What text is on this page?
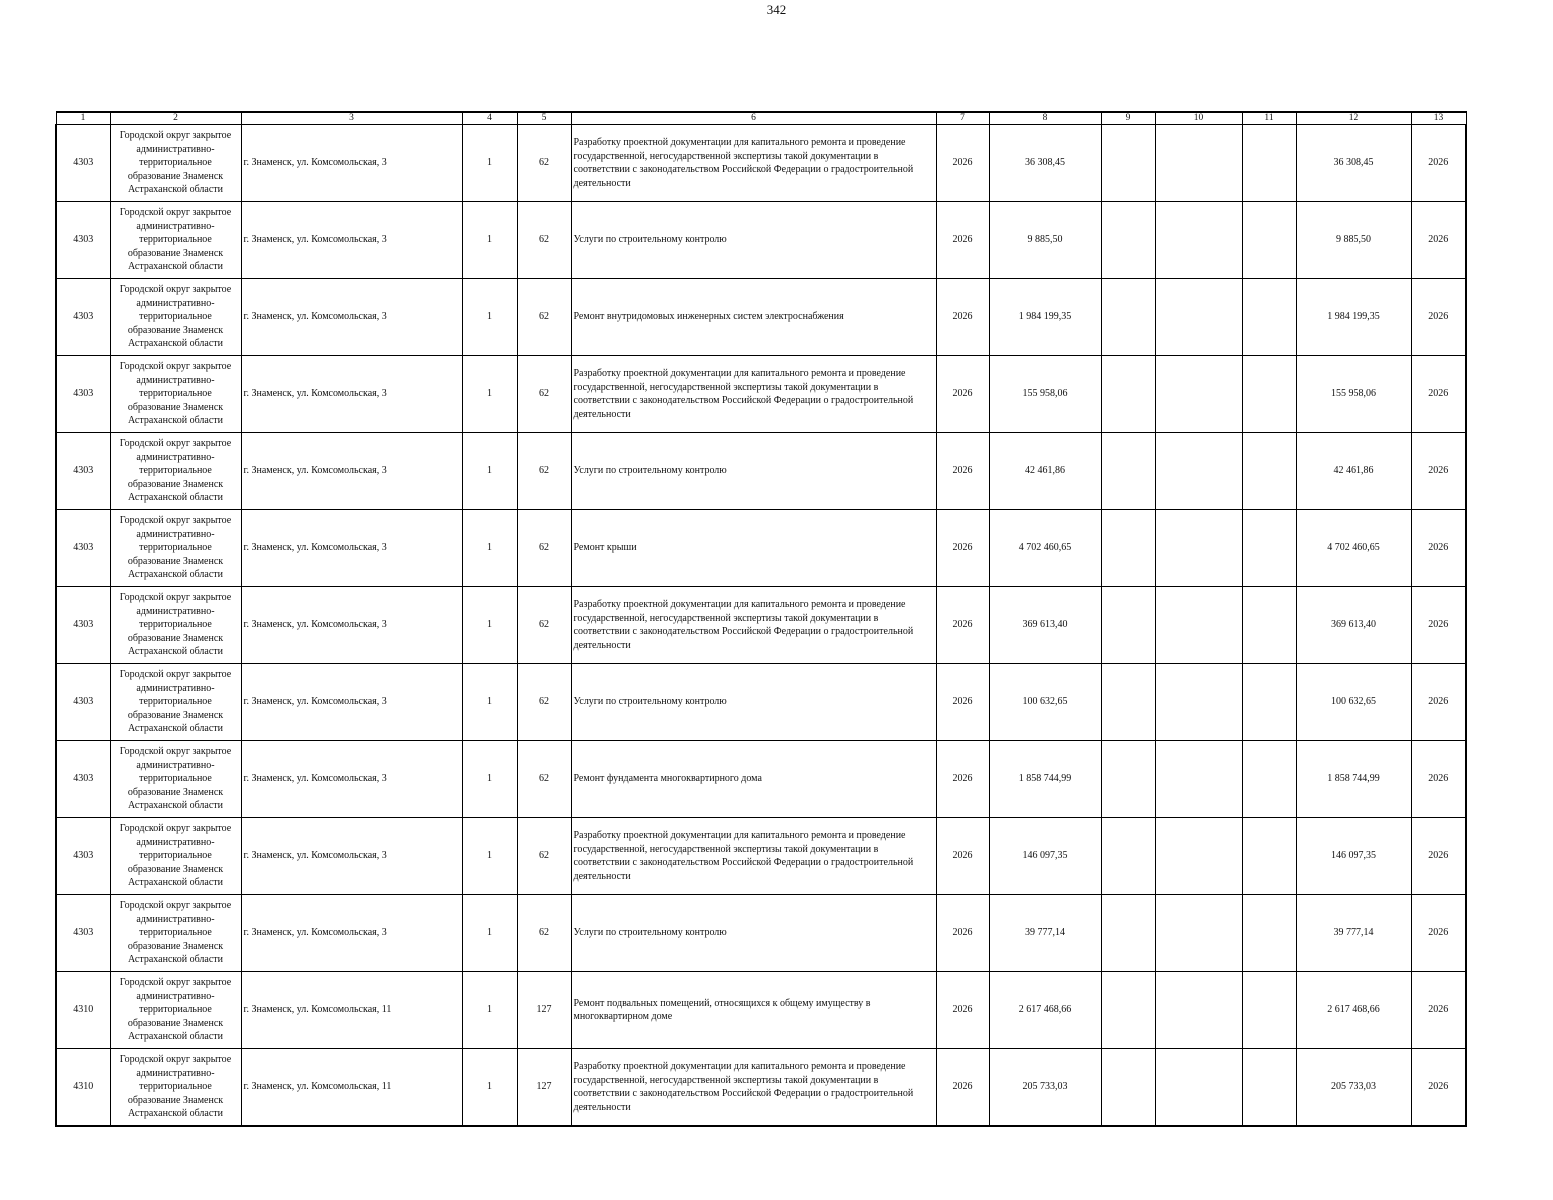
342
1	2	3	4	5	6	7	8	9	10	11	12	13
4303	Городской округ закрытое административно-территориальное образование Знаменск Астраханской области	г. Знаменск, ул. Комсомольская, 3	1	62	Разработку проектной документации для капитального ремонта и проведение государственной, негосударственной экспертизы такой документации в соответствии с законодательством Российской Федерации о градостроительной деятельности	2026	36 308,45				36 308,45	2026
4303	Городской округ закрытое административно-территориальное образование Знаменск Астраханской области	г. Знаменск, ул. Комсомольская, 3	1	62	Услуги по строительному контролю	2026	9 885,50				9 885,50	2026
4303	Городской округ закрытое административно-территориальное образование Знаменск Астраханской области	г. Знаменск, ул. Комсомольская, 3	1	62	Ремонт внутридомовых инженерных систем электроснабжения	2026	1 984 199,35				1 984 199,35	2026
4303	Городской округ закрытое административно-территориальное образование Знаменск Астраханской области	г. Знаменск, ул. Комсомольская, 3	1	62	Разработку проектной документации для капитального ремонта и проведение государственной, негосударственной экспертизы такой документации в соответствии с законодательством Российской Федерации о градостроительной деятельности	2026	155 958,06				155 958,06	2026
4303	Городской округ закрытое административно-территориальное образование Знаменск Астраханской области	г. Знаменск, ул. Комсомольская, 3	1	62	Услуги по строительному контролю	2026	42 461,86				42 461,86	2026
4303	Городской округ закрытое административно-территориальное образование Знаменск Астраханской области	г. Знаменск, ул. Комсомольская, 3	1	62	Ремонт крыши	2026	4 702 460,65				4 702 460,65	2026
4303	Городской округ закрытое административно-территориальное образование Знаменск Астраханской области	г. Знаменск, ул. Комсомольская, 3	1	62	Разработку проектной документации для капитального ремонта и проведение государственной, негосударственной экспертизы такой документации в соответствии с законодательством Российской Федерации о градостроительной деятельности	2026	369 613,40				369 613,40	2026
4303	Городской округ закрытое административно-территориальное образование Знаменск Астраханской области	г. Знаменск, ул. Комсомольская, 3	1	62	Услуги по строительному контролю	2026	100 632,65				100 632,65	2026
4303	Городской округ закрытое административно-территориальное образование Знаменск Астраханской области	г. Знаменск, ул. Комсомольская, 3	1	62	Ремонт фундамента многоквартирного дома	2026	1 858 744,99				1 858 744,99	2026
4303	Городской округ закрытое административно-территориальное образование Знаменск Астраханской области	г. Знаменск, ул. Комсомольская, 3	1	62	Разработку проектной документации для капитального ремонта и проведение государственной, негосударственной экспертизы такой документации в соответствии с законодательством Российской Федерации о градостроительной деятельности	2026	146 097,35				146 097,35	2026
4303	Городской округ закрытое административно-территориальное образование Знаменск Астраханской области	г. Знаменск, ул. Комсомольская, 3	1	62	Услуги по строительному контролю	2026	39 777,14				39 777,14	2026
4310	Городской округ закрытое административно-территориальное образование Знаменск Астраханской области	г. Знаменск, ул. Комсомольская, 11	1	127	Ремонт подвальных помещений, относящихся к общему имуществу в многоквартирном доме	2026	2 617 468,66				2 617 468,66	2026
4310	Городской округ закрытое административно-территориальное образование Знаменск Астраханской области	г. Знаменск, ул. Комсомольская, 11	1	127	Разработку проектной документации для капитального ремонта и проведение государственной, негосударственной экспертизы такой документации в соответствии с законодательством Российской Федерации о градостроительной деятельности	2026	205 733,03				205 733,03	2026
